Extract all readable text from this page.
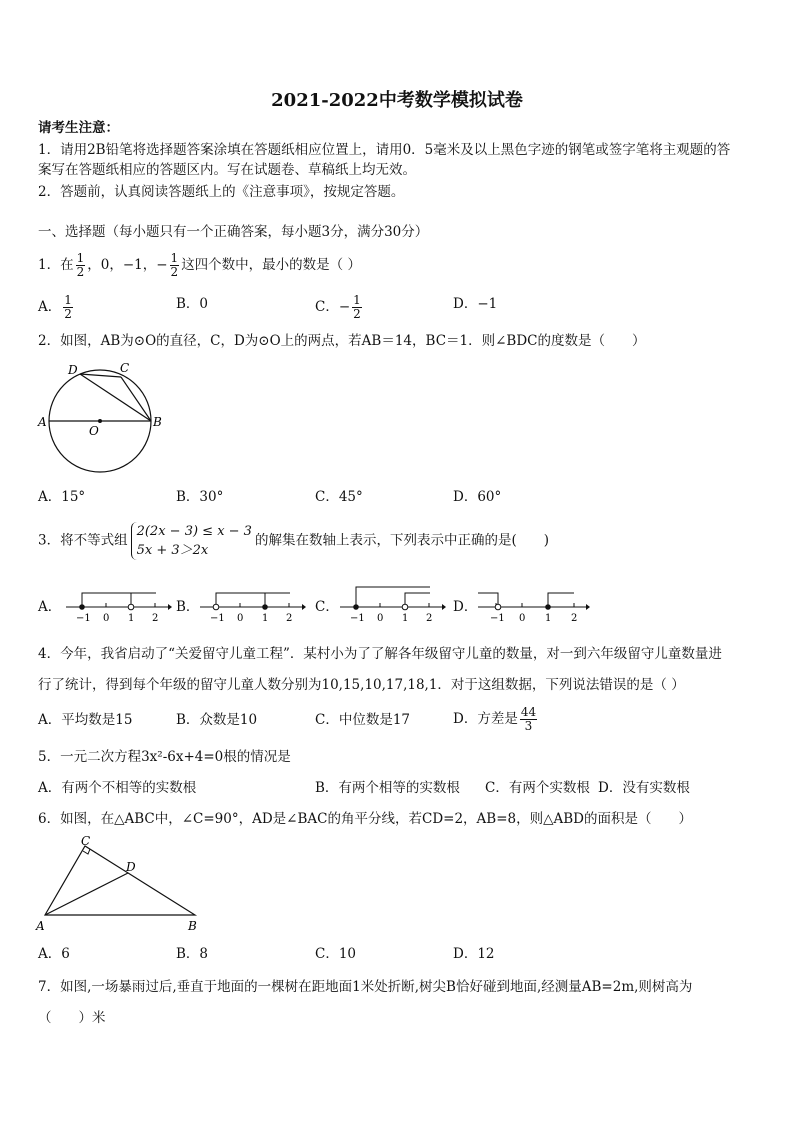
2021-2022中考数学模拟试卷
请考生注意：
1．请用2B铅笔将选择题答案涂填在答题纸相应位置上，请用0．5毫米及以上黑色字迹的钢笔或签字笔将主观题的答
案写在答题纸相应的答题区内。写在试题卷、草稿纸上均无效。
2．答题前，认真阅读答题纸上的《注意事项》，按规定答题。
一、选择题（每小题只有一个正确答案，每小题3分，满分30分）
1．在 $\frac{1}{2}$ ，0，−1，− $\frac{1}{2}$ 这四个数中，最小的数是（ ）
A． $\frac{1}{2}$	B．0	C．− $\frac{1}{2}$	D．−1
2．如图，AB为⊙O的直径，C，D为⊙O上的两点，若AB＝14，BC＝1．则∠BDC的度数是（　　）
A	B
C
D
O
A．15°	B．30°	C．45°	D．60°
3．将不等式组
2(2x − 3) ≤ x − 3
5x + 3＞2x
的解集在数轴上表示，下列表示中正确的是(　　)
A．
−1 0 1 2
B．
−1 0 1 2
C．
−1 0 1 2
D．
−1 0 1 2
4．今年，我省启动了“关爱留守儿童工程”．某村小为了了解各年级留守儿童的数量，对一到六年级留守儿童数量进
行了统计，得到每个年级的留守儿童人数分别为10,15,10,17,18,1．对于这组数据，下列说法错误的是（ ）
A．平均数是15	B．众数是10	C．中位数是17	D．方差是 $\frac{44}{3}$
5．一元二次方程3x²-6x+4=0根的情况是
A．有两个不相等的实数根	B．有两个相等的实数根 C．有两个实数根 D．没有实数根
6．如图，在△ABC中，∠C=90°，AD是∠BAC的角平分线，若CD=2，AB=8，则△ABD的面积是（　　）
A	B
C
D
A．6	B．8	C．10	D．12
7．如图,一场暴雨过后,垂直于地面的一棵树在距地面1米处折断,树尖B恰好碰到地面,经测量AB=2m,则树高为
（　　）米
